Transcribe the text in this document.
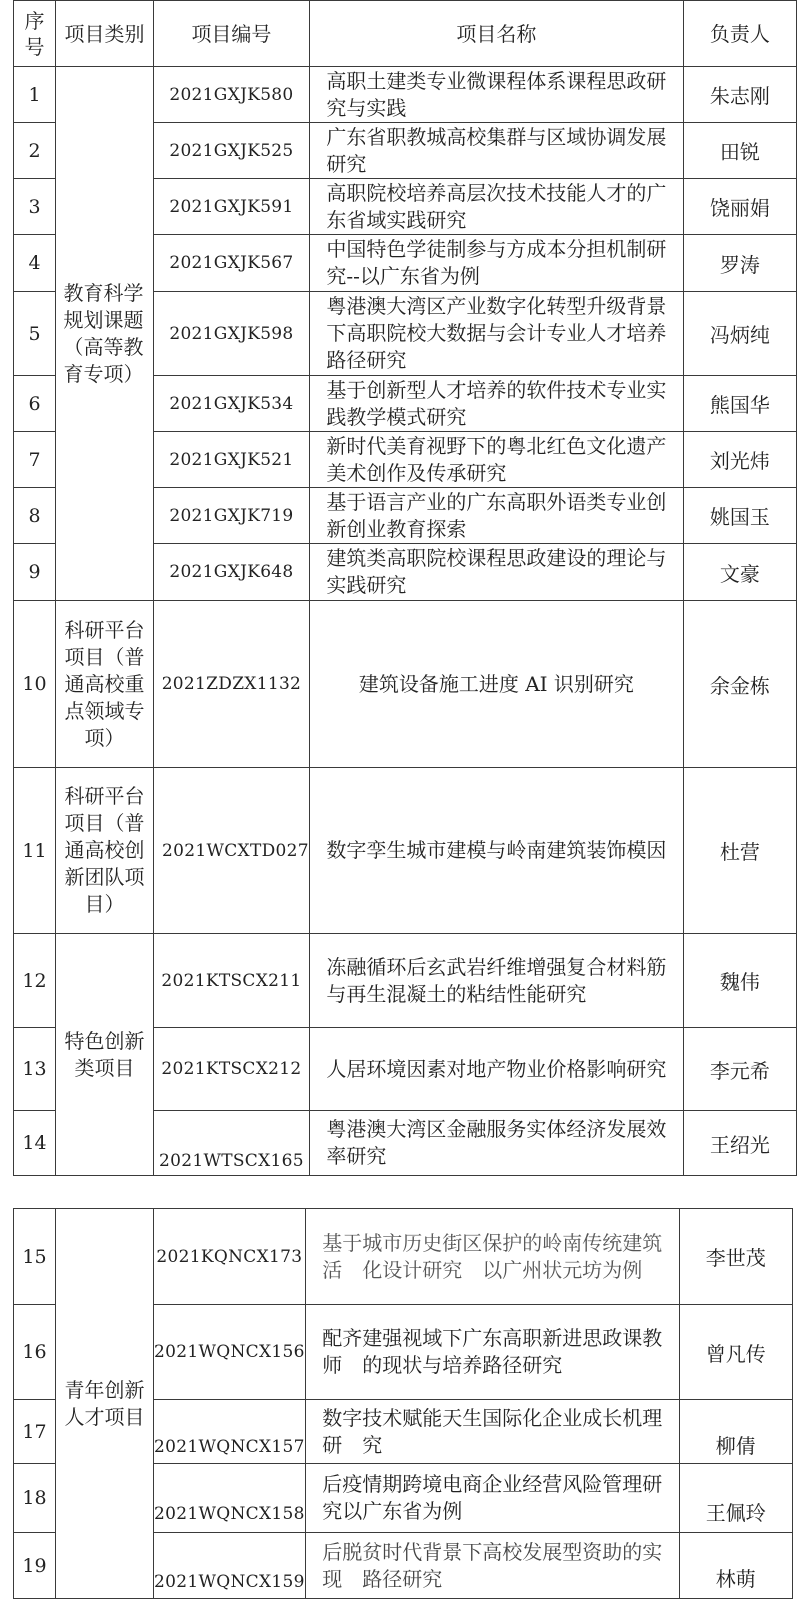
序号	项目类别	项目编号	项目名称	负责人
1	教育科学规划课题（高等教育专项）	2021GXJK580	高职土建类专业微课程体系课程思政研究与实践	朱志刚
2		2021GXJK525	广东省职教城高校集群与区域协调发展研究	田锐
3		2021GXJK591	高职院校培养高层次技术技能人才的广东省域实践研究	饶丽娟
4		2021GXJK567	中国特色学徒制参与方成本分担机制研究--以广东省为例	罗涛
5		2021GXJK598	粤港澳大湾区产业数字化转型升级背景下高职院校大数据与会计专业人才培养路径研究	冯炳纯
6		2021GXJK534	基于创新型人才培养的软件技术专业实践教学模式研究	熊国华
7		2021GXJK521	新时代美育视野下的粤北红色文化遗产美术创作及传承研究	刘光炜
8		2021GXJK719	基于语言产业的广东高职外语类专业创新创业教育探索	姚国玉
9		2021GXJK648	建筑类高职院校课程思政建设的理论与实践研究	文豪
10	科研平台项目（普通高校重点领域专项）	2021ZDZX1132	建筑设备施工进度 AI 识别研究	余金栋
11	科研平台项目（普通高校创新团队项目）	2021WCXTD027	数字孪生城市建模与岭南建筑装饰模因	杜营
12	特色创新类项目	2021KTSCX211	冻融循环后玄武岩纤维增强复合材料筋与再生混凝土的粘结性能研究	魏伟
13		2021KTSCX212	人居环境因素对地产物业价格影响研究	李元希
14		2021WTSCX165	粤港澳大湾区金融服务实体经济发展效率研究	王绍光
15	青年创新人才项目	2021KQNCX173	基于城市历史街区保护的岭南传统建筑活　化设计研究　以广州状元坊为例	李世茂
16		2021WQNCX156	配齐建强视域下广东高职新进思政课教师　的现状与培养路径研究	曾凡传
17		2021WQNCX157	数字技术赋能天生国际化企业成长机理研　究	柳倩
18		2021WQNCX158	后疫情期跨境电商企业经营风险管理研究以广东省为例	王佩玲
19		2021WQNCX159	后脱贫时代背景下高校发展型资助的实现　路径研究	林萌
